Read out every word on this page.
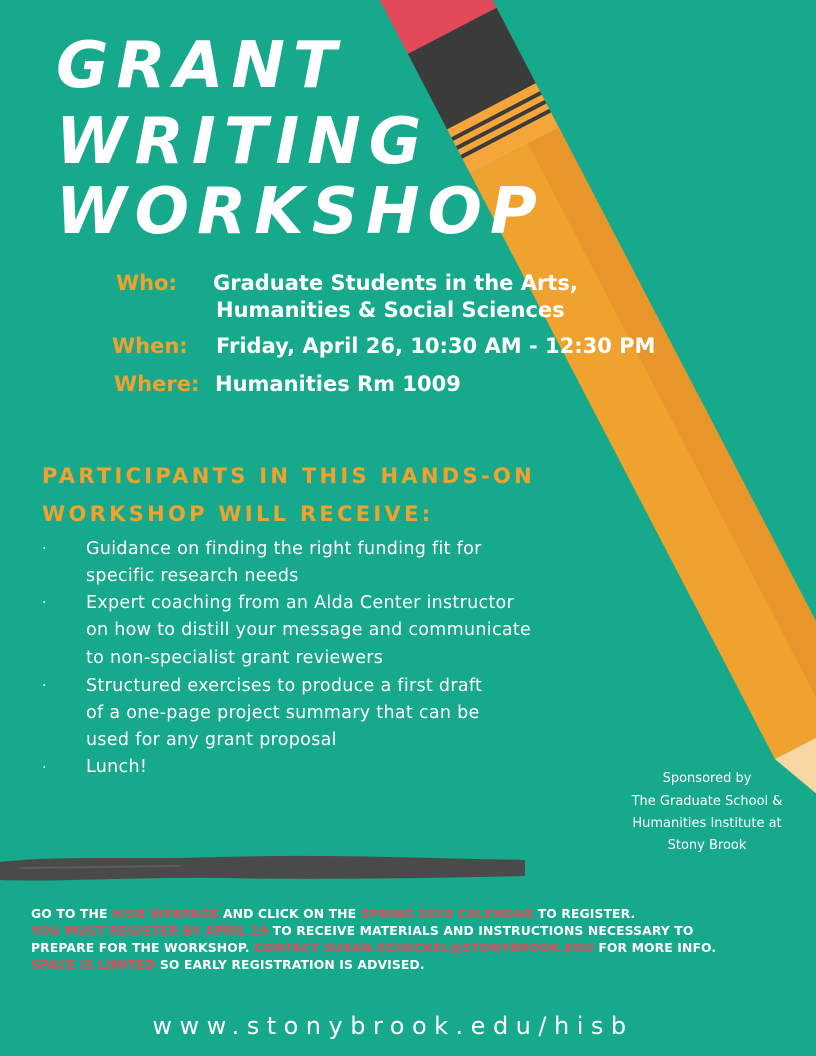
GRANT
WRITING
WORKSHOP
Who: Graduate Students in the Arts,
Humanities & Social Sciences
When: Friday, April 26, 10:30 AM - 12:30 PM
Where: Humanities Rm 1009
PARTICIPANTS IN THIS HANDS-ON
WORKSHOP WILL RECEIVE:
· Guidance on finding the right funding fit for
specific research needs
· Expert coaching from an Alda Center instructor
on how to distill your message and communicate
to non-specialist grant reviewers
· Structured exercises to produce a first draft
of a one-page project summary that can be
used for any grant proposal
· Lunch!
Sponsored by
The Graduate School &
Humanities Institute at
Stony Brook
GO TO THE HISB WEBPAGE AND CLICK ON THE SPRING 2019 CALENDAR TO REGISTER.
YOU MUST REGISTER BY APRIL 19 TO RECEIVE MATERIALS AND INSTRUCTIONS NECESSARY TO
PREPARE FOR THE WORKSHOP. CONTACT SUSAN.SCHECKEL@STONYBROOK.EDU FOR MORE INFO.
SPACE IS LIMITED SO EARLY REGISTRATION IS ADVISED.
www.stonybrook.edu/hisb
